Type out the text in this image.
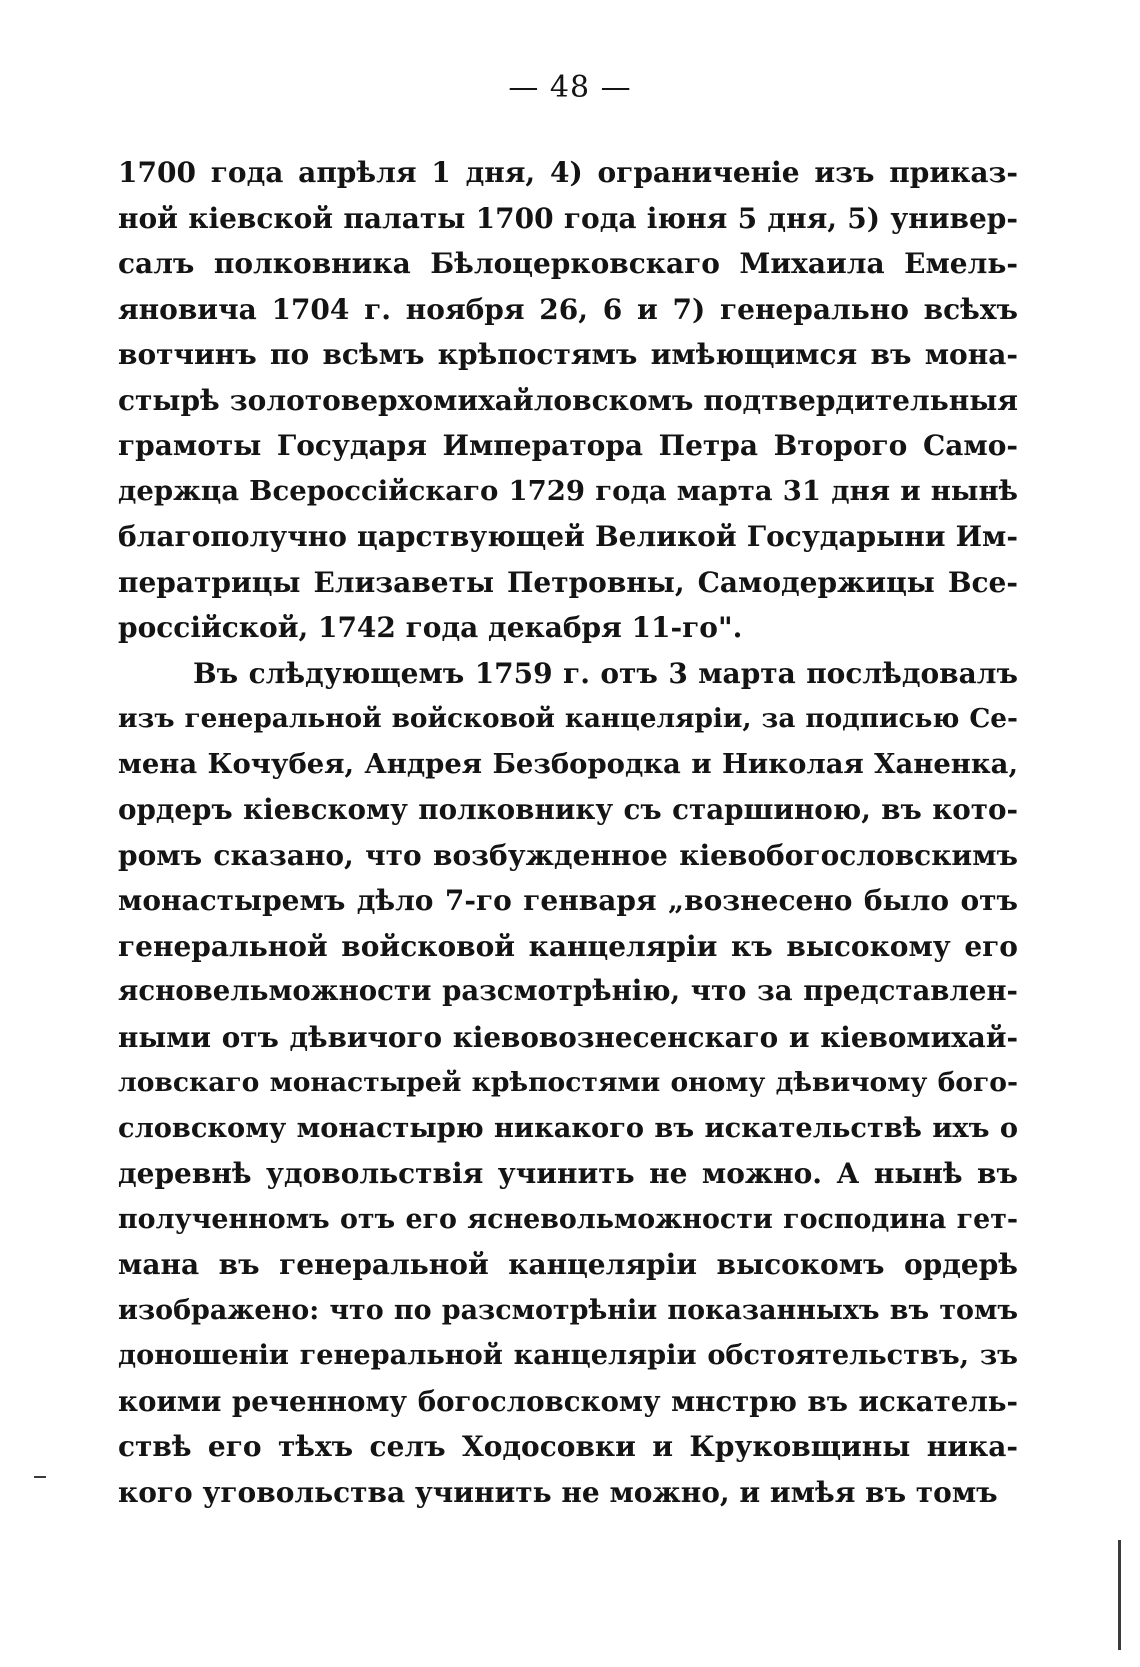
— 48 —
1700 года апрѣля 1 дня, 4) ограниченіе изъ приказ-
ной кіевской палаты 1700 года іюня 5 дня, 5) универ-
салъ полковника Бѣлоцерковскаго Михаила Емель-
яновича 1704 г. ноября 26, 6 и 7) генерально всѣхъ
вотчинъ по всѣмъ крѣпостямъ имѣющимся въ мона-
стырѣ золотоверхомихайловскомъ подтвердительныя
грамоты Государя Императора Петра Второго Само-
держца Всероссійскаго 1729 года марта 31 дня и нынѣ
благополучно царствующей Великой Государыни Им-
ператрицы Елизаветы Петровны, Самодержицы Все-
россійской, 1742 года декабря 11-го".
Въ слѣдующемъ 1759 г. отъ 3 марта послѣдовалъ
изъ генеральной войсковой канцеляріи, за подписью Се-
мена Кочубея, Андрея Безбородка и Николая Ханенка,
ордеръ кіевскому полковнику съ старшиною, въ кото-
ромъ сказано, что возбужденное кіевобогословскимъ
монастыремъ дѣло 7-го генваря „вознесено было отъ
генеральной войсковой канцеляріи къ высокому его
ясновельможности разсмотрѣнію, что за представлен-
ными отъ дѣвичого кіевовознесенскаго и кіевомихай-
ловскаго монастырей крѣпостями оному дѣвичому бого-
словскому монастырю никакого въ искательствѣ ихъ о
деревнѣ удовольствія учинить не можно. А нынѣ въ
полученномъ отъ его ясневольможности господина гет-
мана въ генеральной канцеляріи высокомъ ордерѣ
изображено: что по разсмотрѣніи показанныхъ въ томъ
доношеніи генеральной канцеляріи обстоятельствъ, зъ
коими реченному богословскому мнстрю въ искатель-
ствѣ его тѣхъ селъ Ходосовки и Круковщины ника-
кого уговольства учинить не можно, и имѣя въ томъ
